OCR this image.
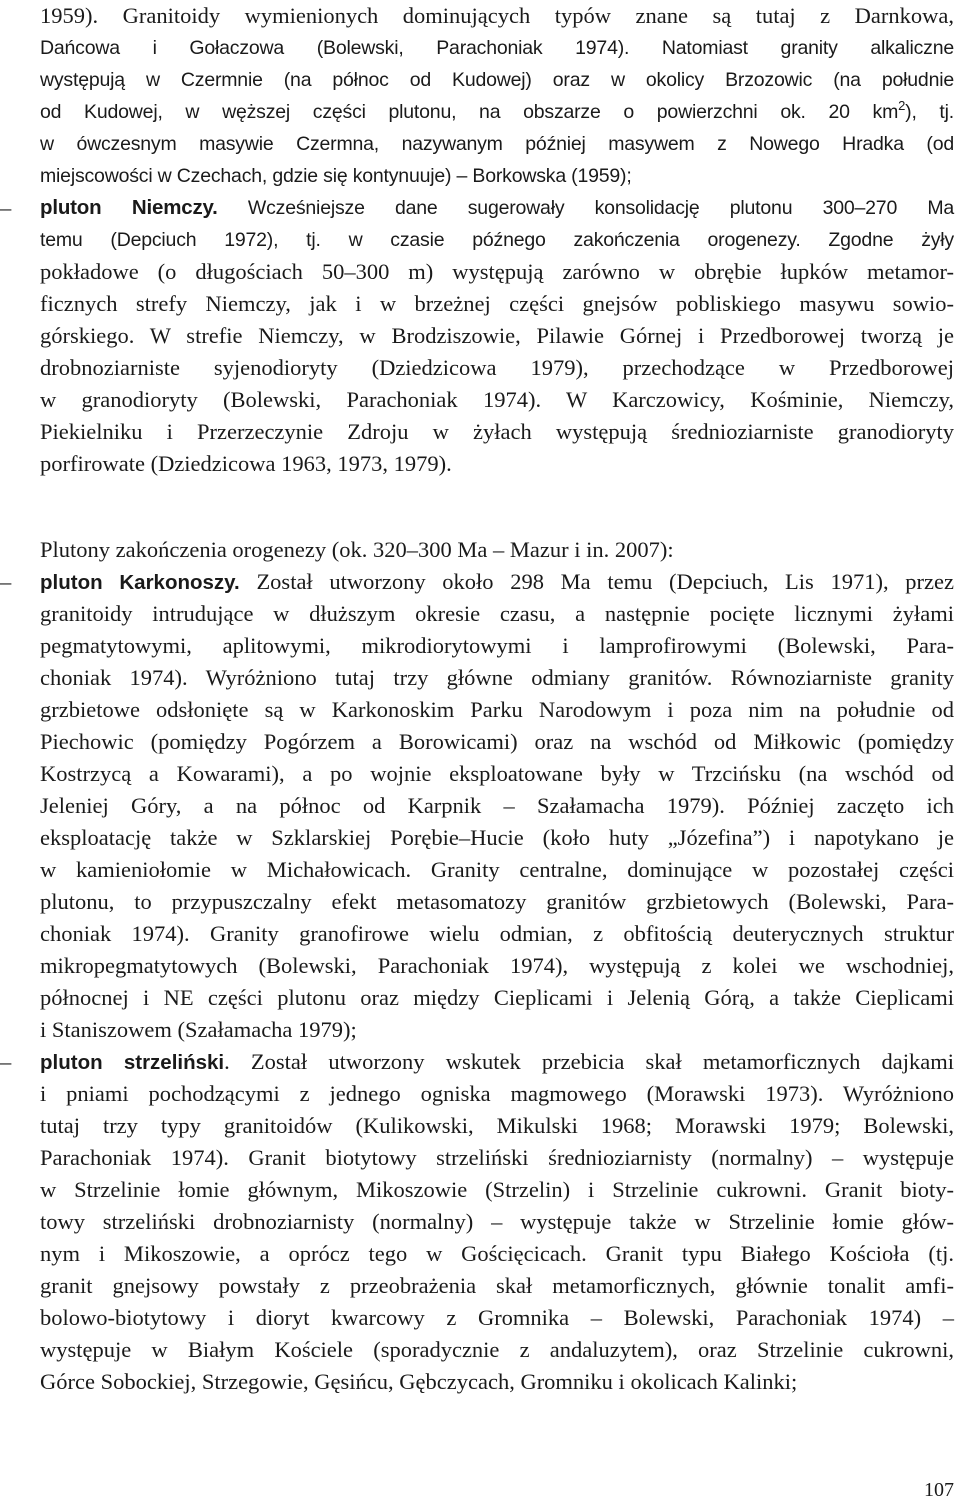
1959). Granitoidy wymienionych dominujących typów znane są tutaj z Darnkowa,
Dańcowa i Gołaczowa (Bolewski, Parachoniak 1974). Natomiast granity alkaliczne
występują w Czermnie (na północ od Kudowej) oraz w okolicy Brzozowic (na południe
od Kudowej, w węższej części plutonu, na obszarze o powierzchni ok. 20 $km^2$), tj.
w ówczesnym masywie Czermna, nazywanym później masywem z Nowego Hradka (od
miejscowości w Czechach, gdzie się kontynuuje) – Borkowska (1959);
–	pluton Niemczy. Wcześniejsze dane sugerowały konsolidację plutonu 300–270 Ma
temu (Depciuch 1972), tj. w czasie późnego zakończenia orogenezy. Zgodne żyły
pokładowe (o długościach 50–300 m) występują zarówno w obrębie łupków metamor-
ficznych strefy Niemczy, jak i w brzeżnej części gnejsów pobliskiego masywu sowio-
górskiego. W strefie Niemczy, w Brodziszowie, Pilawie Górnej i Przedborowej tworzą je
drobnoziarniste syjenodioryty (Dziedzicowa 1979), przechodzące w Przedborowej
w granodioryty (Bolewski, Parachoniak 1974). W Karczowicy, Kośminie, Niemczy,
Piekielniku i Przerzeczynie Zdroju w żyłach występują średnioziarniste granodioryty
porfirowate (Dziedzicowa 1963, 1973, 1979).
Plutony zakończenia orogenezy (ok. 320–300 Ma – Mazur i in. 2007):
–	pluton Karkonoszy. Został utworzony około 298 Ma temu (Depciuch, Lis 1971), przez
granitoidy intrudujące w dłuższym okresie czasu, a następnie pocięte licznymi żyłami
pegmatytowymi, aplitowymi, mikrodiorytowymi i lamprofirowymi (Bolewski, Para-
choniak 1974). Wyróżniono tutaj trzy główne odmiany granitów. Równoziarniste granity
grzbietowe odsłonięte są w Karkonoskim Parku Narodowym i poza nim na południe od
Piechowic (pomiędzy Pogórzem a Borowicami) oraz na wschód od Miłkowic (pomiędzy
Kostrzycą a Kowarami), a po wojnie eksploatowane były w Trzcińsku (na wschód od
Jeleniej Góry, a na północ od Karpnik – Szałamacha 1979). Później zaczęto ich
eksploatację także w Szklarskiej Porębie–Hucie (koło huty „Józefina”) i napotykano je
w kamieniołomie w Michałowicach. Granity centralne, dominujące w pozostałej części
plutonu, to przypuszczalny efekt metasomatozy granitów grzbietowych (Bolewski, Para-
choniak 1974). Granity granofirowe wielu odmian, z obfitością deuterycznych struktur
mikropegmatytowych (Bolewski, Parachoniak 1974), występują z kolei we wschodniej,
północnej i NE części plutonu oraz między Cieplicami i Jelenią Górą, a także Cieplicami
i Staniszowem (Szałamacha 1979);
–	pluton strzeliński. Został utworzony wskutek przebicia skał metamorficznych dajkami
i pniami pochodzącymi z jednego ogniska magmowego (Morawski 1973). Wyróżniono
tutaj trzy typy granitoidów (Kulikowski, Mikulski 1968; Morawski 1979; Bolewski,
Parachoniak 1974). Granit biotytowy strzeliński średnioziarnisty (normalny) – występuje
w Strzelinie łomie głównym, Mikoszowie (Strzelin) i Strzelinie cukrowni. Granit bioty-
towy strzeliński drobnoziarnisty (normalny) – występuje także w Strzelinie łomie głów-
nym i Mikoszowie, a oprócz tego w Gościęcicach. Granit typu Białego Kościoła (tj.
granit gnejsowy powstały z przeobrażenia skał metamorficznych, głównie tonalit amfi-
bolowo-biotytowy i dioryt kwarcowy z Gromnika – Bolewski, Parachoniak 1974) –
występuje w Białym Kościele (sporadycznie z andaluzytem), oraz Strzelinie cukrowni,
Górce Sobockiej, Strzegowie, Gęsińcu, Gębczycach, Gromniku i okolicach Kalinki;
107
